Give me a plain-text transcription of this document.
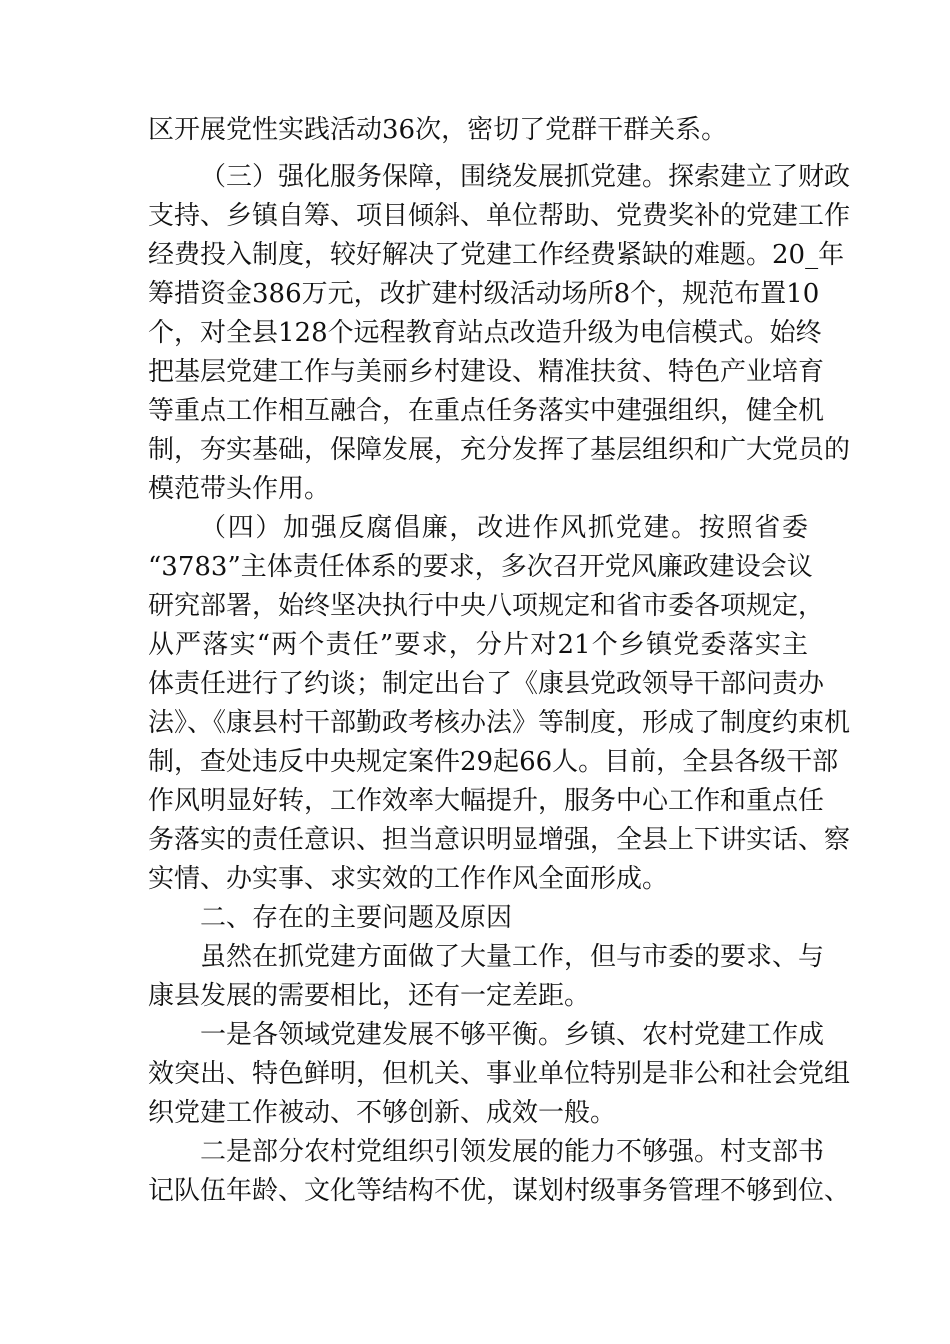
区开展党性实践活动36次，密切了党群干群关系。
（三）强化服务保障，围绕发展抓党建。探索建立了财政
支持、乡镇自筹、项目倾斜、单位帮助、党费奖补的党建工作
经费投入制度，较好解决了党建工作经费紧缺的难题。20_年
筹措资金386万元，改扩建村级活动场所8个，规范布置10
个，对全县128个远程教育站点改造升级为电信模式。始终
把基层党建工作与美丽乡村建设、精准扶贫、特色产业培育
等重点工作相互融合，在重点任务落实中建强组织，健全机
制，夯实基础，保障发展，充分发挥了基层组织和广大党员的
模范带头作用。
（四）加强反腐倡廉，改进作风抓党建。按照省委
“3783”主体责任体系的要求，多次召开党风廉政建设会议
研究部署，始终坚决执行中央八项规定和省市委各项规定，
从严落实“两个责任”要求，分片对21个乡镇党委落实主
体责任进行了约谈；制定出台了《康县党政领导干部问责办
法》、《康县村干部勤政考核办法》等制度，形成了制度约束机
制，查处违反中央规定案件29起66人。目前，全县各级干部
作风明显好转，工作效率大幅提升，服务中心工作和重点任
务落实的责任意识、担当意识明显增强，全县上下讲实话、察
实情、办实事、求实效的工作作风全面形成。
二、存在的主要问题及原因
虽然在抓党建方面做了大量工作，但与市委的要求、与
康县发展的需要相比，还有一定差距。
一是各领域党建发展不够平衡。乡镇、农村党建工作成
效突出、特色鲜明，但机关、事业单位特别是非公和社会党组
织党建工作被动、不够创新、成效一般。
二是部分农村党组织引领发展的能力不够强。村支部书
记队伍年龄、文化等结构不优，谋划村级事务管理不够到位、
